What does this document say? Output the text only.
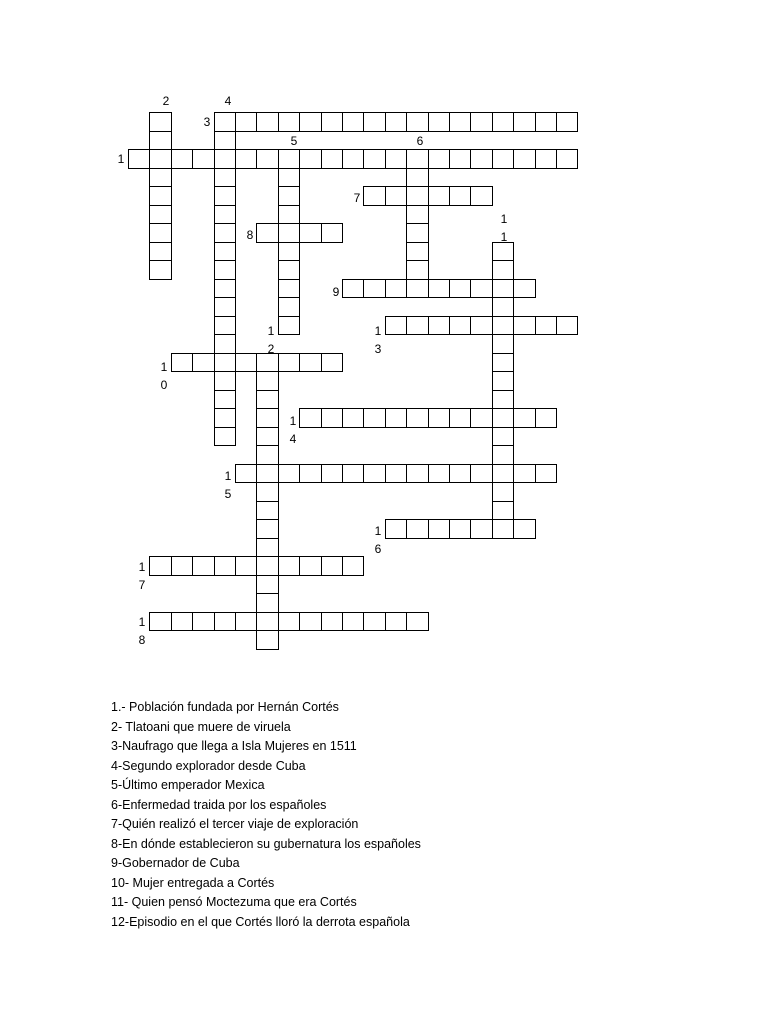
1
2
3
4
5	6
7
8
9
1
0
1
1
1
2
1
3
1
4
1
5
1
6
1
7
1
8
1.- Población fundada por Hernán Cortés
2- Tlatoani que muere de viruela
3-Naufrago que llega a Isla Mujeres en 1511
4-Segundo explorador desde Cuba
5-Último emperador Mexica
6-Enfermedad traida por los españoles
7-Quién realizó el tercer viaje de exploración
8-En dónde establecieron su gubernatura los españoles
9-Gobernador de Cuba
10- Mujer entregada a Cortés
11- Quien pensó Moctezuma que era Cortés
12-Episodio en el que Cortés lloró la derrota española
